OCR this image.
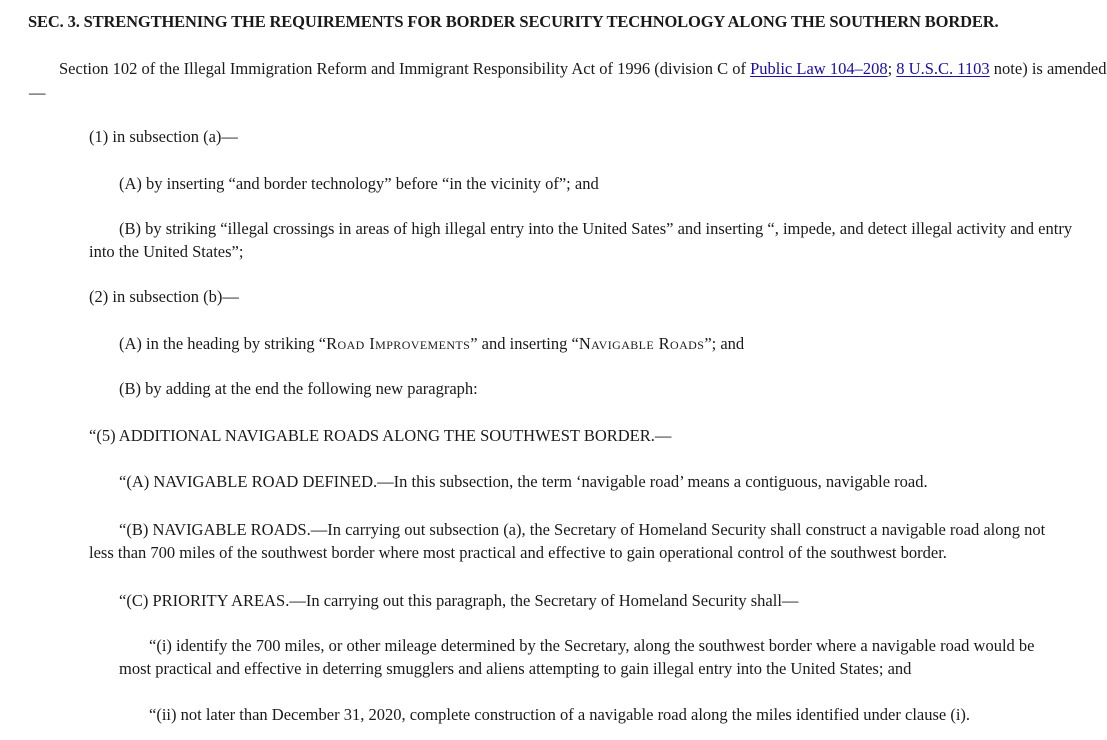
SEC. 3. STRENGTHENING THE REQUIREMENTS FOR BORDER SECURITY TECHNOLOGY ALONG THE SOUTHERN BORDER.
Section 102 of the Illegal Immigration Reform and Immigrant Responsibility Act of 1996 (division C of Public Law 104–208; 8 U.S.C. 1103 note) is amended
—
(1) in subsection (a)—
(A) by inserting “and border technology” before “in the vicinity of”; and
(B) by striking “illegal crossings in areas of high illegal entry into the United Sates” and inserting “, impede, and detect illegal activity and entry
into the United States”;
(2) in subsection (b)—
(A) in the heading by striking “Road Improvements” and inserting “Navigable Roads”; and
(B) by adding at the end the following new paragraph:
“(5) ADDITIONAL NAVIGABLE ROADS ALONG THE SOUTHWEST BORDER.—
“(A) NAVIGABLE ROAD DEFINED.—In this subsection, the term ‘navigable road’ means a contiguous, navigable road.
“(B) NAVIGABLE ROADS.—In carrying out subsection (a), the Secretary of Homeland Security shall construct a navigable road along not
less than 700 miles of the southwest border where most practical and effective to gain operational control of the southwest border.
“(C) PRIORITY AREAS.—In carrying out this paragraph, the Secretary of Homeland Security shall—
“(i) identify the 700 miles, or other mileage determined by the Secretary, along the southwest border where a navigable road would be
most practical and effective in deterring smugglers and aliens attempting to gain illegal entry into the United States; and
“(ii) not later than December 31, 2020, complete construction of a navigable road along the miles identified under clause (i).
